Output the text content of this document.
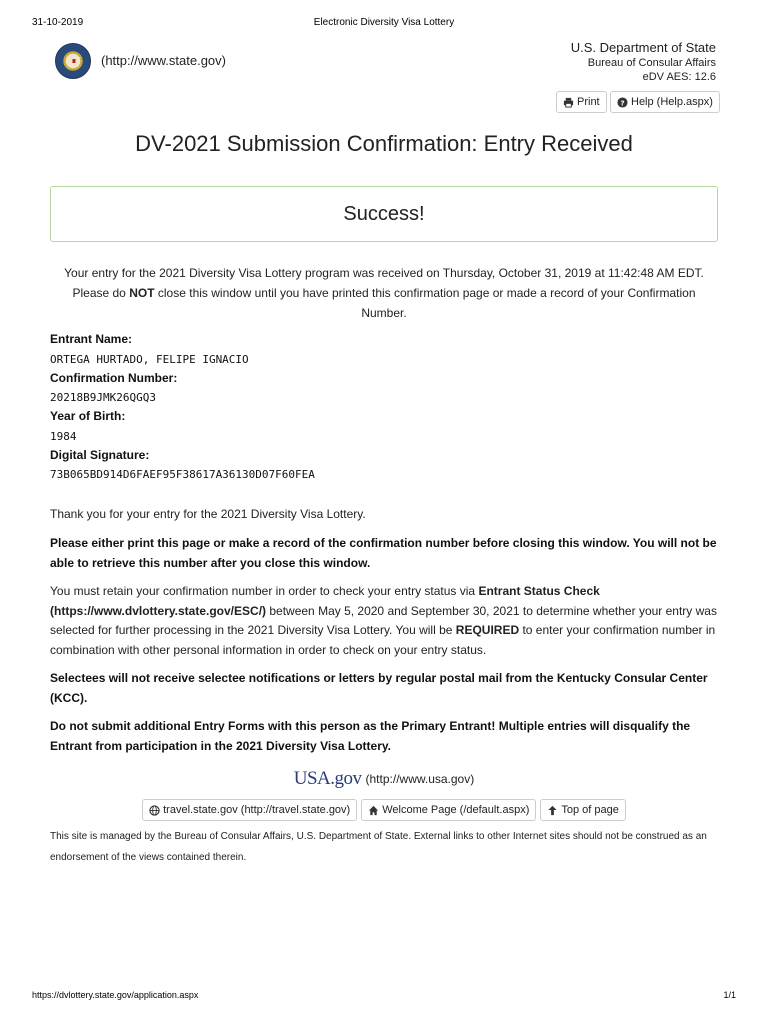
31-10-2019	Electronic Diversity Visa Lottery
(http://www.state.gov)
U.S. Department of State
Bureau of Consular Affairs
eDV AES: 12.6
Print	? Help (Help.aspx)
DV-2021 Submission Confirmation: Entry Received
Success!
Your entry for the 2021 Diversity Visa Lottery program was received on Thursday, October 31, 2019 at 11:42:48 AM EDT. Please do NOT close this window until you have printed this confirmation page or made a record of your Confirmation Number.
Entrant Name:
ORTEGA HURTADO, FELIPE IGNACIO
Confirmation Number:
20218B9JMK26QGQ3
Year of Birth:
1984
Digital Signature:
73B065BD914D6FAEF95F38617A36130D07F60FEA
Thank you for your entry for the 2021 Diversity Visa Lottery.
Please either print this page or make a record of the confirmation number before closing this window. You will not be able to retrieve this number after you close this window.
You must retain your confirmation number in order to check your entry status via Entrant Status Check (https://www.dvlottery.state.gov/ESC/) between May 5, 2020 and September 30, 2021 to determine whether your entry was selected for further processing in the 2021 Diversity Visa Lottery. You will be REQUIRED to enter your confirmation number in combination with other personal information in order to check on your entry status.
Selectees will not receive selectee notifications or letters by regular postal mail from the Kentucky Consular Center (KCC).
Do not submit additional Entry Forms with this person as the Primary Entrant! Multiple entries will disqualify the Entrant from participation in the 2021 Diversity Visa Lottery.
USA.gov (http://www.usa.gov)
travel.state.gov (http://travel.state.gov)	Welcome Page (/default.aspx)	Top of page
This site is managed by the Bureau of Consular Affairs, U.S. Department of State. External links to other Internet sites should not be construed as an endorsement of the views contained therein.
https://dvlottery.state.gov/application.aspx	1/1
